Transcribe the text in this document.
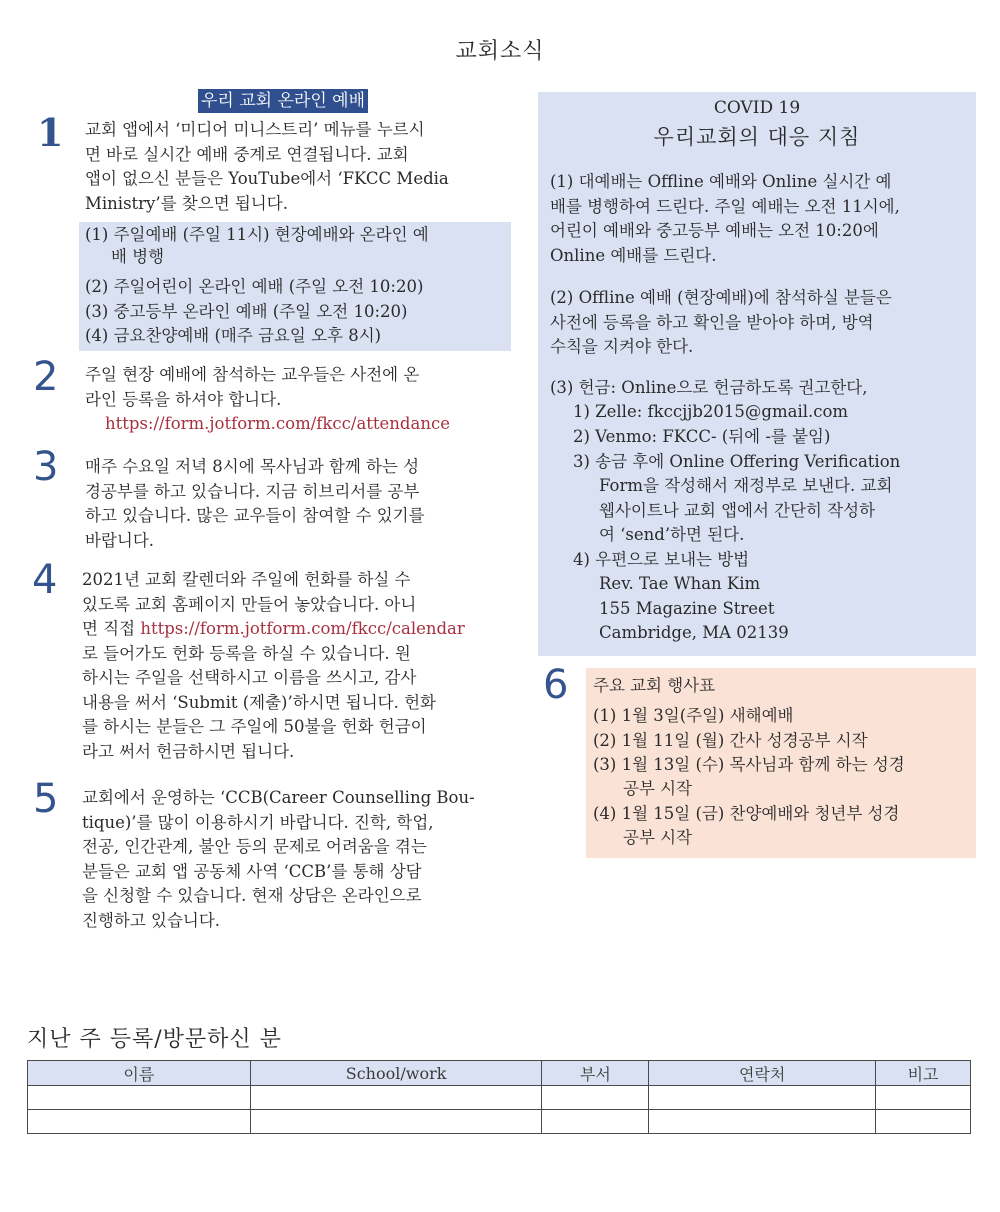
교회소식
1
우리 교회 온라인 예배
교회 앱에서 ‘미디어 미니스트리’ 메뉴를 누르시
면 바로 실시간 예배 중계로 연결됩니다. 교회
앱이 없으신 분들은 YouTube에서 ‘FKCC Media
Ministry’를 찾으면 됩니다.
(1) 주일예배 (주일 11시) 현장예배와 온라인 예
배 병행
(2) 주일어린이 온라인 예배 (주일 오전 10:20)
(3) 중고등부 온라인 예배 (주일 오전 10:20)
(4) 금요찬양예배 (매주 금요일 오후 8시)
2 주일 현장 예배에 참석하는 교우들은 사전에 온
라인 등록을 하셔야 합니다.
https://form.jotform.com/fkcc/attendance
3 매주 수요일 저녁 8시에 목사님과 함께 하는 성
경공부를 하고 있습니다. 지금 히브리서를 공부
하고 있습니다. 많은 교우들이 참여할 수 있기를
바랍니다.
4 2021년 교회 칼렌더와 주일에 헌화를 하실 수
있도록 교회 홈페이지 만들어 놓았습니다. 아니
면 직접 https://form.jotform.com/fkcc/calendar
로 들어가도 헌화 등록을 하실 수 있습니다. 원
하시는 주일을 선택하시고 이름을 쓰시고, 감사
내용을 써서 ‘Submit (제출)’하시면 됩니다. 헌화
를 하시는 분들은 그 주일에 50불을 헌화 헌금이
라고 써서 헌금하시면 됩니다.
5 교회에서 운영하는 ‘CCB(Career Counselling Bou-
tique)’를 많이 이용하시기 바랍니다. 진학, 학업,
전공, 인간관계, 불안 등의 문제로 어려움을 겪는
분들은 교회 앱 공동체 사역 ‘CCB’를 통해 상담
을 신청할 수 있습니다. 현재 상담은 온라인으로
진행하고 있습니다.
COVID 19
우리교회의 대응 지침
(1) 대예배는 Offline 예배와 Online 실시간 예
배를 병행하여 드린다. 주일 예배는 오전 11시에,
어린이 예배와 중고등부 예배는 오전 10:20에
Online 예배를 드린다.
(2) Offline 예배 (현장예배)에 참석하실 분들은
사전에 등록을 하고 확인을 받아야 하며, 방역
수칙을 지켜야 한다.
(3) 헌금: Online으로 헌금하도록 권고한다,
1) Zelle: fkccjjb2015@gmail.com
2) Venmo: FKCC- (뒤에 -를 붙임)
3) 송금 후에 Online Offering Verification
Form을 작성해서 재정부로 보낸다. 교회
웹사이트나 교회 앱에서 간단히 작성하
여 ‘send’하면 된다.
4) 우편으로 보내는 방법
Rev. Tae Whan Kim
155 Magazine Street
Cambridge, MA 02139
6 주요 교회 행사표
(1) 1월 3일(주일) 새해예배
(2) 1월 11일 (월) 간사 성경공부 시작
(3) 1월 13일 (수) 목사님과 함께 하는 성경
공부 시작
(4) 1월 15일 (금) 찬양예배와 청년부 성경
공부 시작
지난 주 등록/방문하신 분
이름	School/work	부서	연락처	비고
